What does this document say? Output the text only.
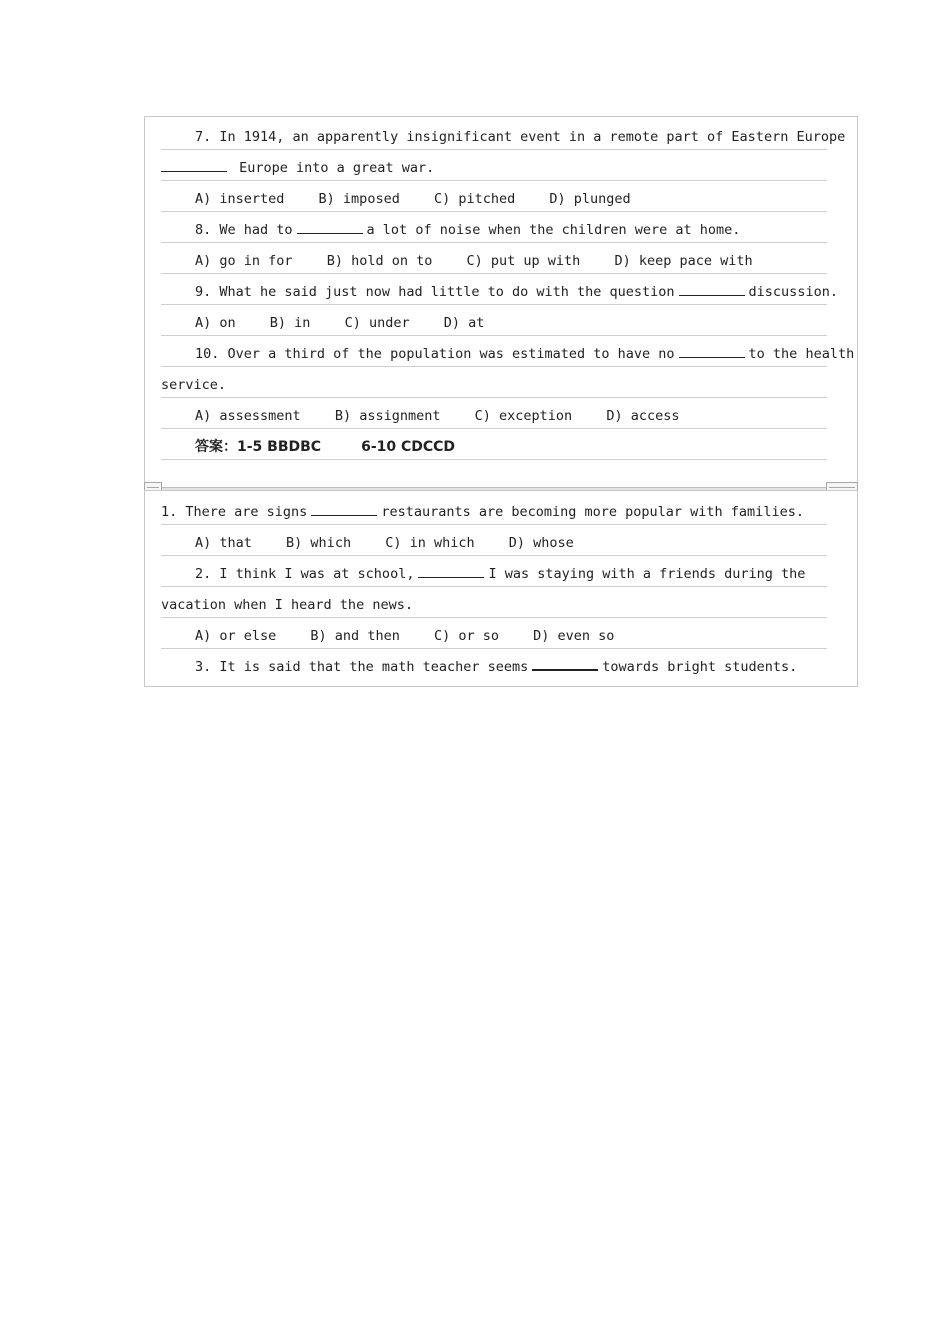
7. In 1914, an apparently insignificant event in a remote part of Eastern Europe
Europe into a great war.
A) inserted	B) imposed	C) pitched	D) plunged
8. We had to	a lot of noise when the children were at home.
A) go in for	B) hold on to	C) put up with	D) keep pace with
9. What he said just now had little to do with the question	discussion.
A) on	B) in	C) under	D) at
10. Over a third of the population was estimated to have no	to the health
service.
A) assessment	B) assignment	C) exception	D) access
答案：1-5 BBDBC	6-10 CDCCD
1. There are signs	restaurants are becoming more popular with families.
A) that	B) which	C) in which	D) whose
2. I think I was at school,	I was staying with a friends during the
vacation when I heard the news.
A) or else	B) and then	C) or so	D) even so
3. It is said that the math teacher seems	towards bright students.
